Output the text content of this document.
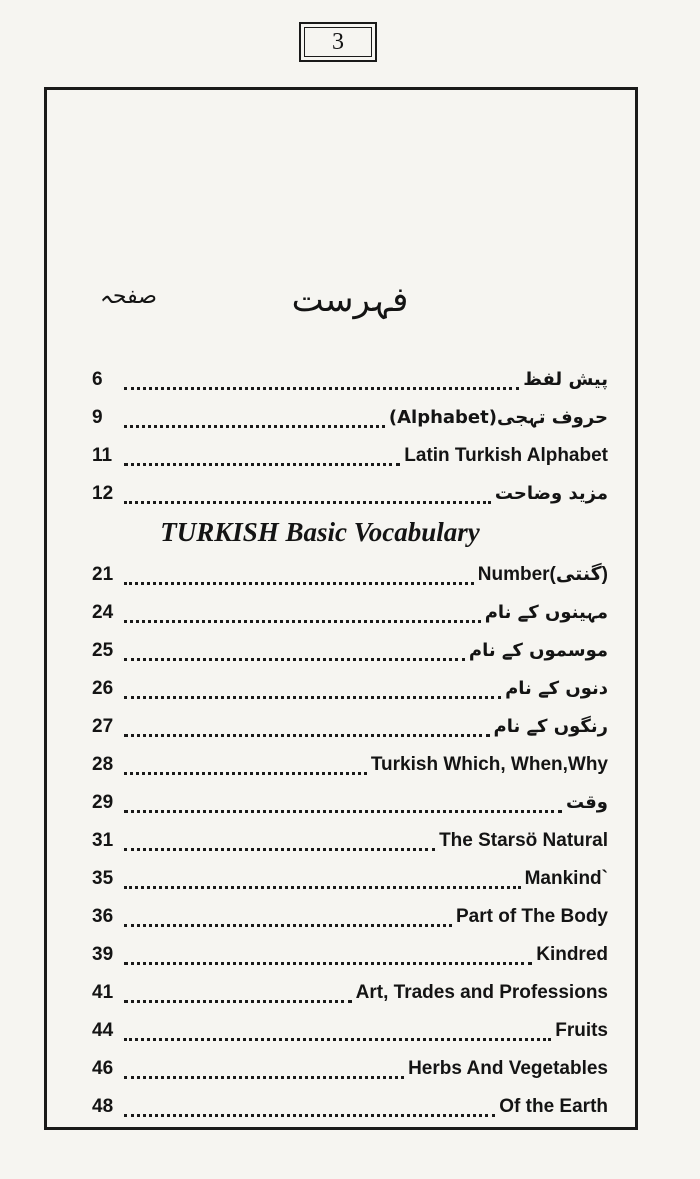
3
فہرست
صفحہ
6	پیش لفظ
9	حروف تہجی(Alphabet)
11	Latin Turkish Alphabet
12	مزید وضاحت
TURKISH Basic Vocabulary
21	Number(گنتی)
24	مہینوں کے نام
25	موسموں کے نام
26	دنوں کے نام
27	رنگوں کے نام
28	Turkish Which, When,Why
29	وقت
31	The Starsö Natural
35	Mankind`
36	Part of The Body
39	Kindred
41	Art, Trades and Professions
44	Fruits
46	Herbs And Vegetables
48	Of the Earth
